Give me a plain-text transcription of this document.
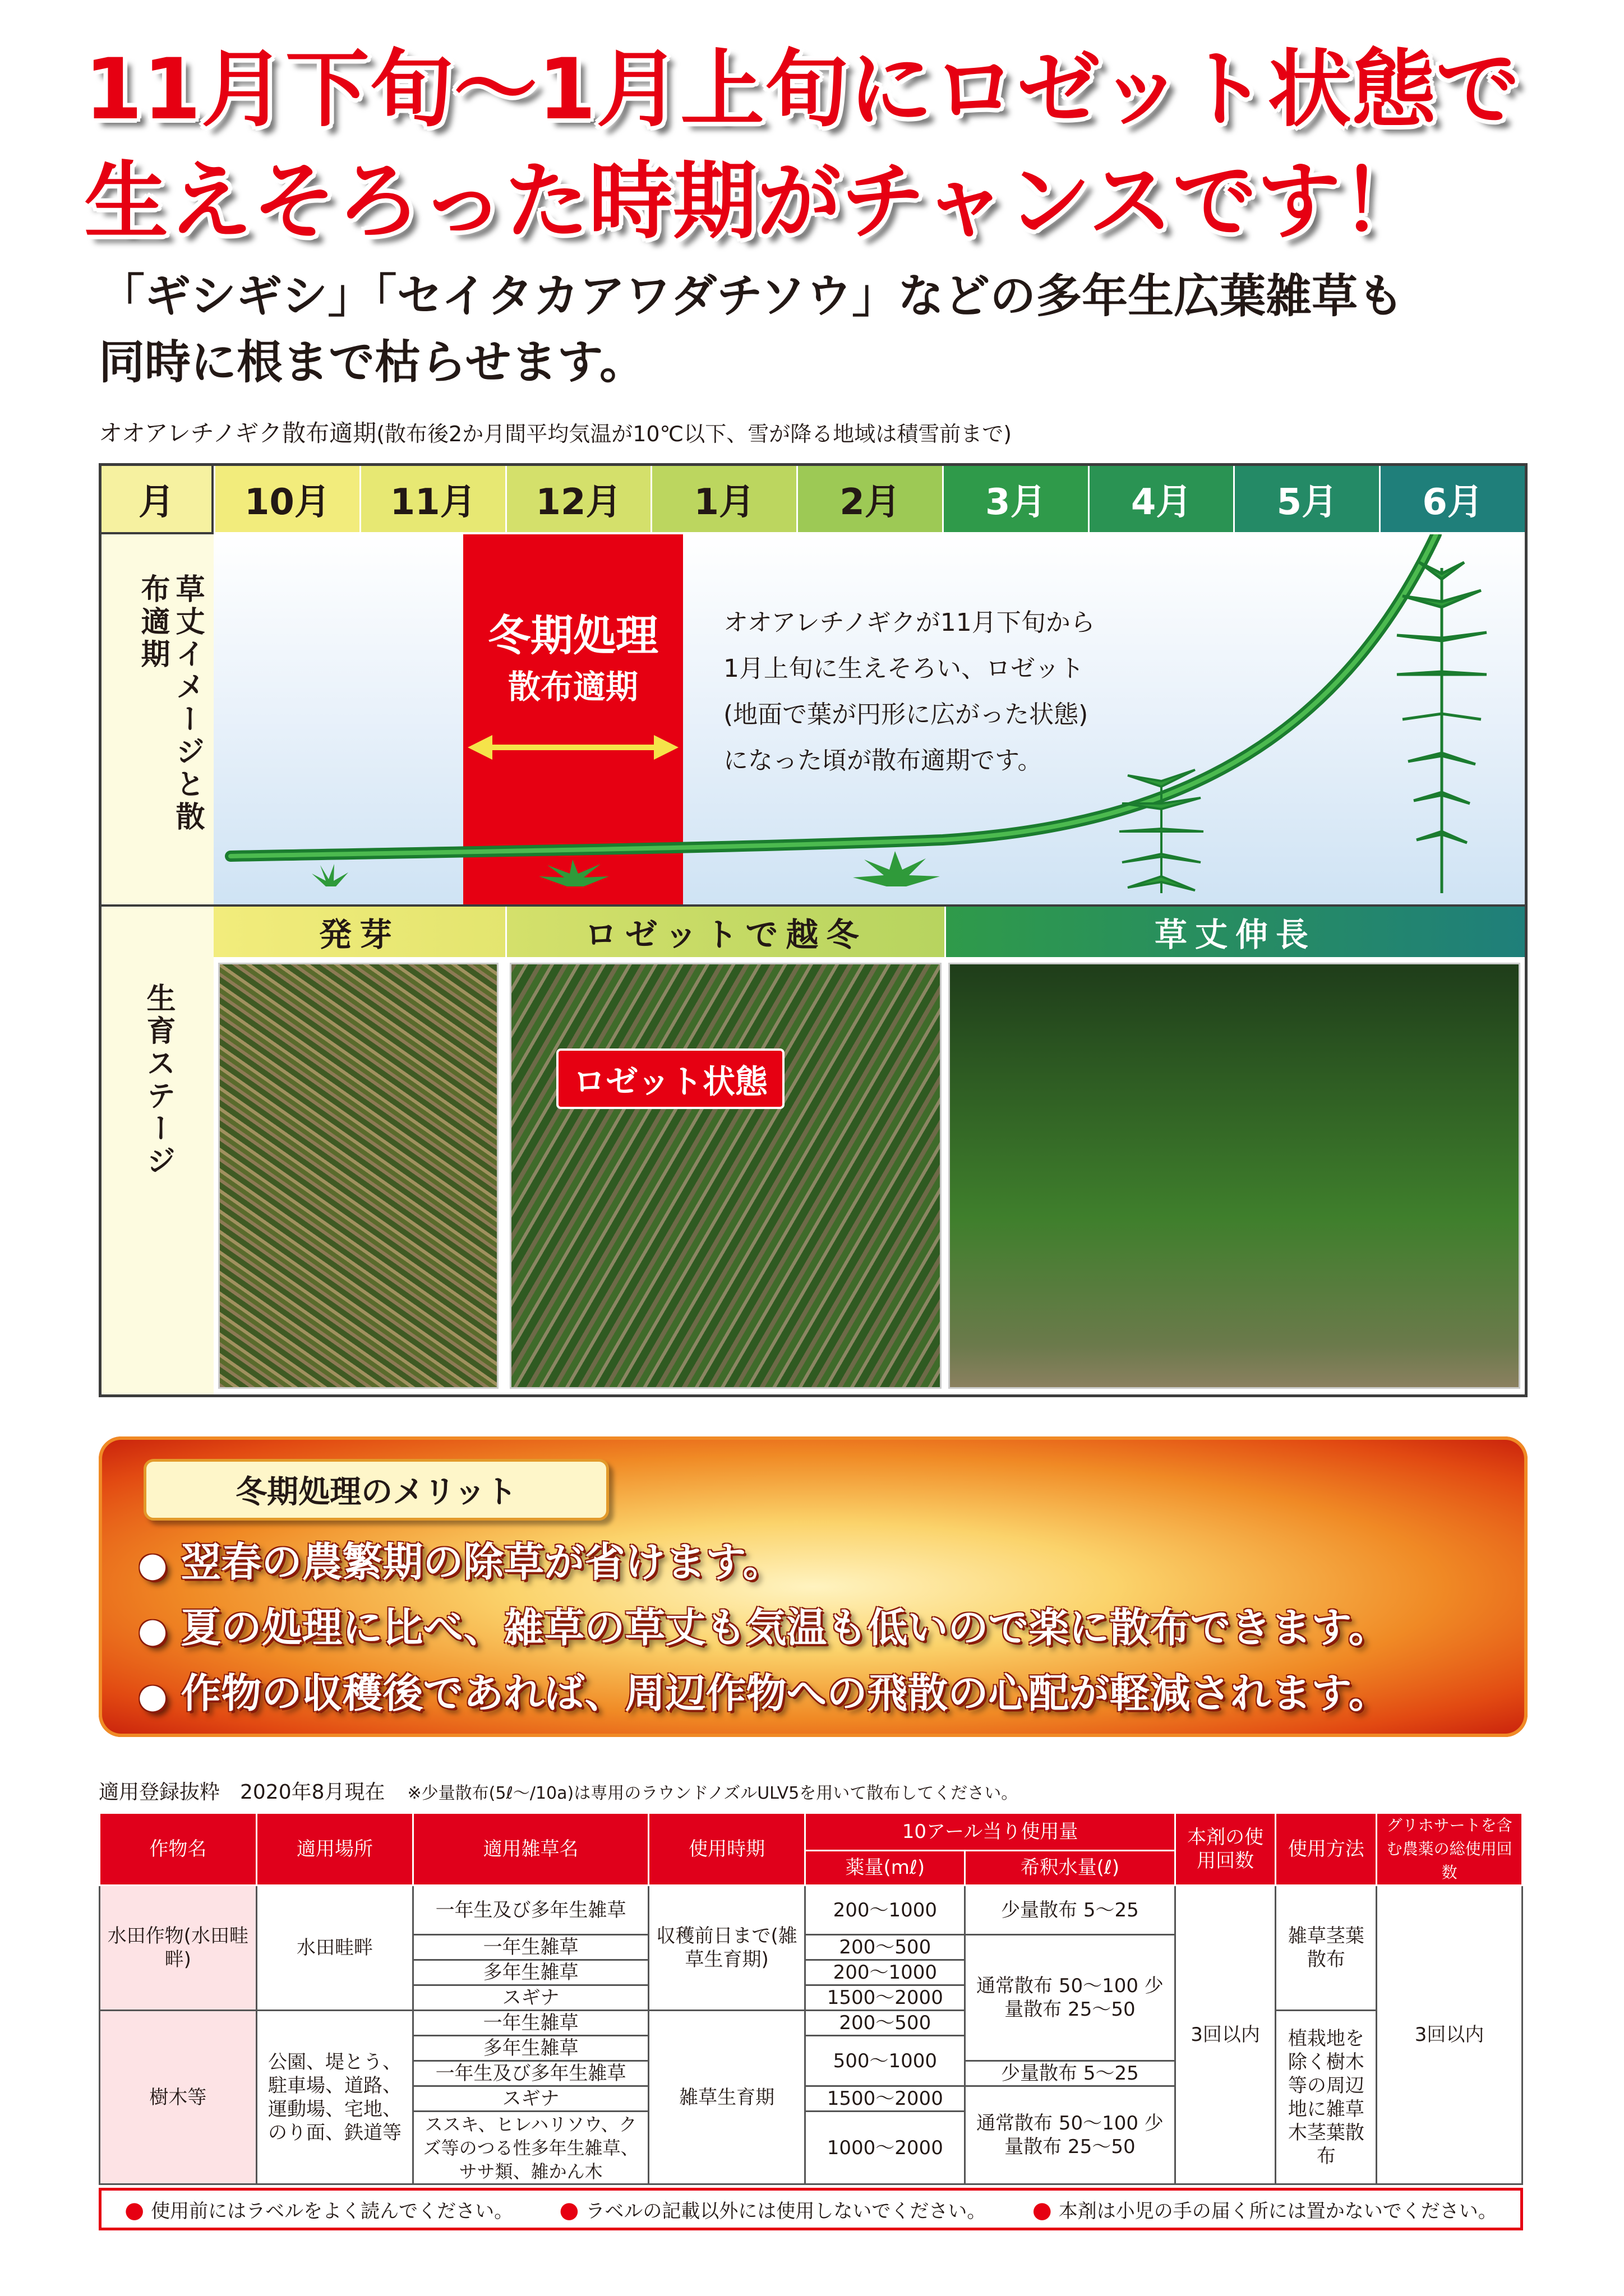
11月下旬～1月上旬にロゼット状態で
生えそろった時期がチャンスです！
「ギシギシ」「セイタカアワダチソウ」などの多年生広葉雑草も
同時に根まで枯らせます。
オオアレチノギク散布適期(散布後2か月間平均気温が10℃以下、雪が降る地域は積雪前まで)
月	10月	11月	12月	1月	2月	3月	4月	5月	6月
草丈イメージと散布適期
生育ステージ
冬期処理
散布適期
オオアレチノギクが11月下旬から
1月上旬に生えそろい、ロゼット
(地面で葉が円形に広がった状態)
になった頃が散布適期です。
発芽	ロゼットで越冬	草丈伸長
ロゼット状態
冬期処理のメリット
● 翌春の農繁期の除草が省けます。
● 夏の処理に比べ、雑草の草丈も気温も低いので楽に散布できます。
● 作物の収穫後であれば、周辺作物への飛散の心配が軽減されます。
適用登録抜粋　2020年8月現在 ※少量散布(5ℓ～/10a)は専用のラウンドノズルULV5を用いて散布してください。
作物名	適用場所	適用雑草名	使用時期	10アール当り使用量		本剤の使用回数	使用方法	グリホサートを含む農薬の総使用回数
				薬量(mℓ)	希釈水量(ℓ)			
水田作物(水田畦畔)	水田畦畔	一年生及び多年生雑草	収穫前日まで(雑草生育期)	200～1000	少量散布 5～25	3回以内	雑草茎葉散布	3回以内
		一年生雑草		200～500	通常散布 50～100 少量散布 25～50			
		多年生雑草		200～1000				
		スギナ		1500～2000				
樹木等	公園、堤とう、駐車場、道路、運動場、宅地、のり面、鉄道等	一年生雑草	雑草生育期	200～500			植栽地を除く樹木等の周辺地に雑草木茎葉散布	
		多年生雑草		500～1000				
		一年生及び多年生雑草			少量散布 5～25			
		スギナ		1500～2000	通常散布 50～100 少量散布 25～50			
		ススキ、ヒレハリソウ、クズ等のつる性多年生雑草、ササ類、雑かん木		1000～2000				
● 使用前にはラベルをよく読んでください。 ● ラベルの記載以外には使用しないでください。 ● 本剤は小児の手の届く所には置かないでください。
